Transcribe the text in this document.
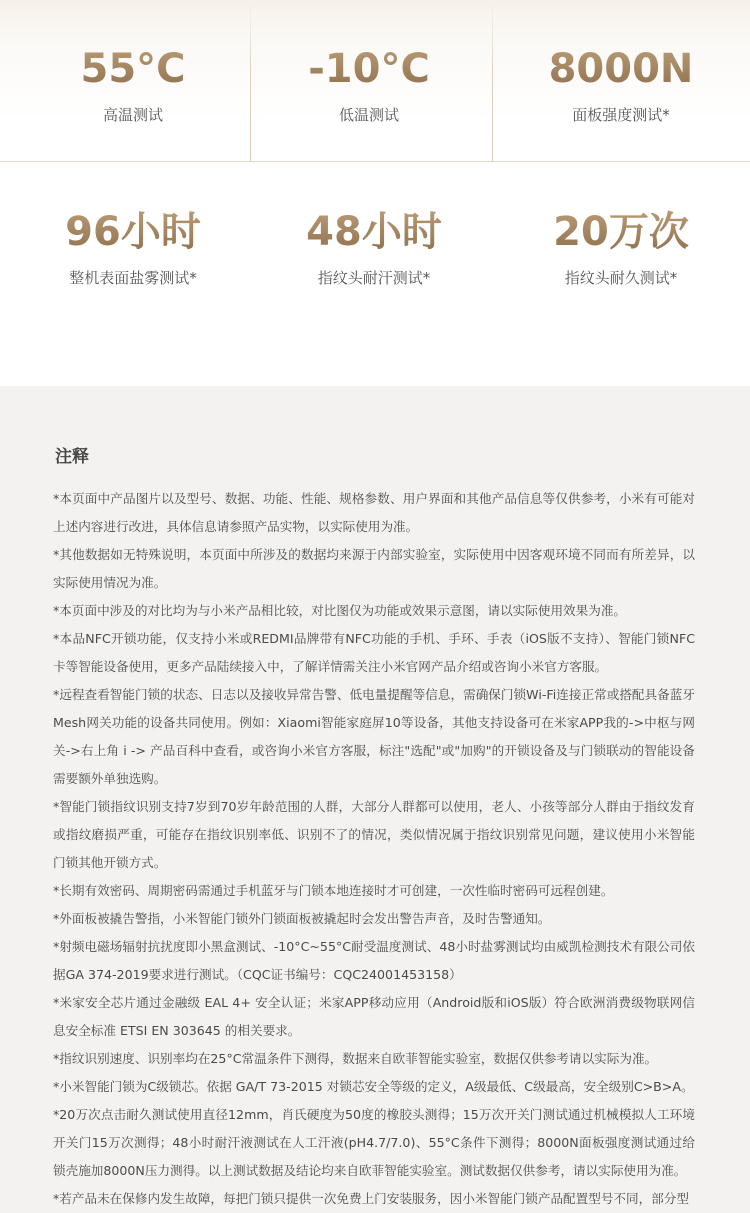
55°C
高温测试
-10°C
低温测试
8000N
面板强度测试*
96小时
整机表面盐雾测试*
48小时
指纹头耐汗测试*
20万次
指纹头耐久测试*
注释
*本页面中产品图片以及型号、数据、功能、性能、规格参数、用户界面和其他产品信息等仅供参考，小米有可能对上述内容进行改进，具体信息请参照产品实物，以实际使用为准。
*其他数据如无特殊说明，本页面中所涉及的数据均来源于内部实验室，实际使用中因客观环境不同而有所差异，以实际使用情况为准。
*本页面中涉及的对比均为与小米产品相比较，对比图仅为功能或效果示意图，请以实际使用效果为准。
*本品NFC开锁功能，仅支持小米或REDMI品牌带有NFC功能的手机、手环、手表（iOS版不支持）、智能门锁NFC卡等智能设备使用，更多产品陆续接入中，了解详情需关注小米官网产品介绍或咨询小米官方客服。
*远程查看智能门锁的状态、日志以及接收异常告警、低电量提醒等信息，需确保门锁Wi-Fi连接正常或搭配具备蓝牙Mesh网关功能的设备共同使用。例如：Xiaomi智能家庭屏10等设备，其他支持设备可在米家APP我的->中枢与网关->右上角 i -> 产品百科中查看，或咨询小米官方客服，标注"选配"或"加购"的开锁设备及与门锁联动的智能设备需要额外单独选购。
*智能门锁指纹识别支持7岁到70岁年龄范围的人群，大部分人群都可以使用，老人、小孩等部分人群由于指纹发育或指纹磨损严重，可能存在指纹识别率低、识别不了的情况，类似情况属于指纹识别常见问题，建议使用小米智能门锁其他开锁方式。
*长期有效密码、周期密码需通过手机蓝牙与门锁本地连接时才可创建，一次性临时密码可远程创建。
*外面板被撬告警指，小米智能门锁外门锁面板被撬起时会发出警告声音，及时告警通知。
*射频电磁场辐射抗扰度即小黑盒测试、-10°C~55°C耐受温度测试、48小时盐雾测试均由威凯检测技术有限公司依据GA 374-2019要求进行测试。（CQC证书编号：CQC24001453158）
*米家安全芯片通过金融级 EAL 4+ 安全认证；米家APP移动应用（Android版和iOS版）符合欧洲消费级物联网信息安全标准 ETSI EN 303645 的相关要求。
*指纹识别速度、识别率均在25°C常温条件下测得，数据来自欧菲智能实验室，数据仅供参考请以实际为准。
*小米智能门锁为C级锁芯。依据 GA/T 73-2015 对锁芯安全等级的定义，A级最低、C级最高，安全级别C>B>A。
*20万次点击耐久测试使用直径12mm，肖氏硬度为50度的橡胶头测得；15万次开关门测试通过机械模拟人工环境开关门15万次测得；48小时耐汗液测试在人工汗液(pH4.7/7.0)、55°C条件下测得；8000N面板强度测试通过给锁壳施加8000N压力测得。以上测试数据及结论均来自欧菲智能实验室。测试数据仅供参考，请以实际使用为准。
*若产品未在保修内发生故障，每把门锁只提供一次免费上门安装服务，因小米智能门锁产品配置型号不同，部分型
